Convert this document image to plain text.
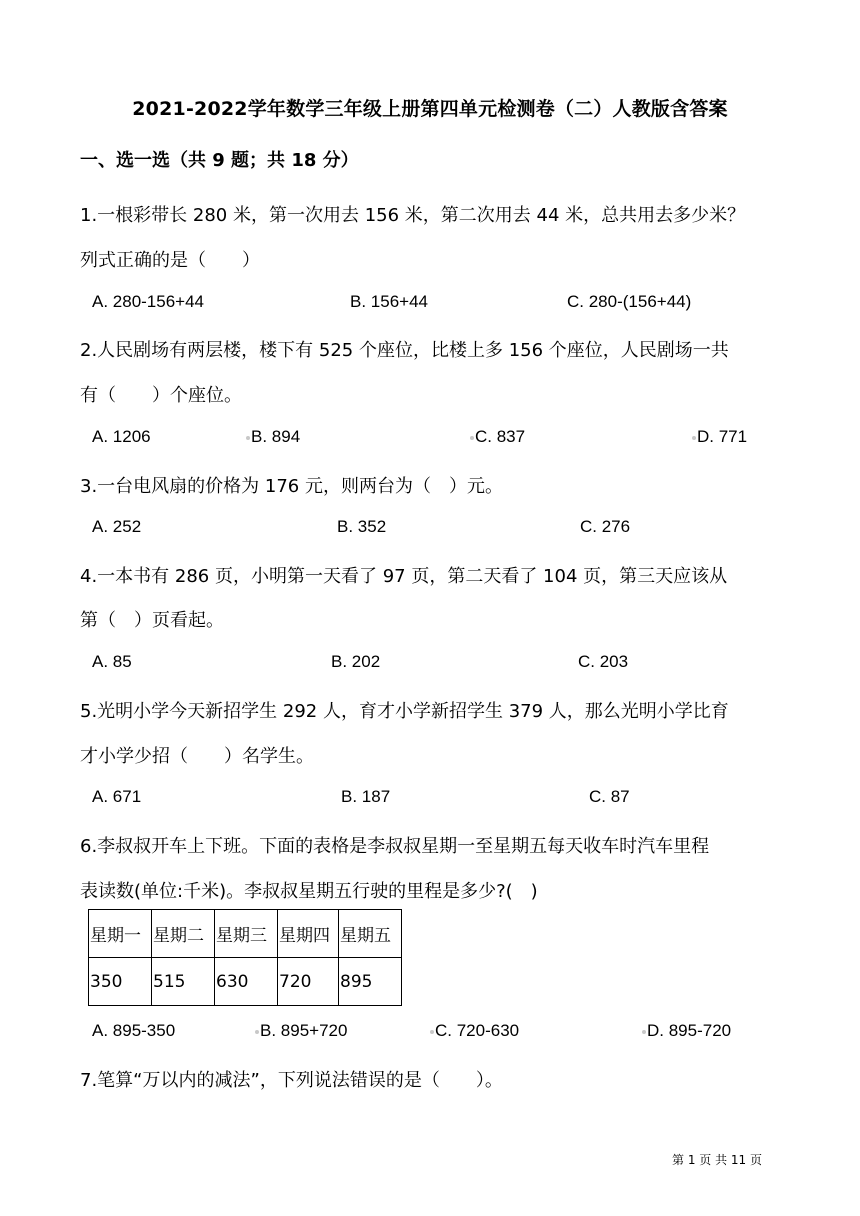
2021-2022学年数学三年级上册第四单元检测卷（二）人教版含答案
一、选一选（共 9 题；共 18 分）
1.一根彩带长 280 米，第一次用去 156 米，第二次用去 44 米，总共用去多少米？
列式正确的是（　　）
A. 280-156+44	B. 156+44	C. 280-(156+44)
2.人民剧场有两层楼，楼下有 525 个座位，比楼上多 156 个座位，人民剧场一共
有（　　）个座位。
A. 1206	B. 894	C. 837	D. 771
3.一台电风扇的价格为 176 元，则两台为（　）元。
A. 252	B. 352	C. 276
4.一本书有 286 页，小明第一天看了 97 页，第二天看了 104 页，第三天应该从
第（　）页看起。
A. 85	B. 202	C. 203
5.光明小学今天新招学生 292 人，育才小学新招学生 379 人，那么光明小学比育
才小学少招（　　）名学生。
A. 671	B. 187	C. 87
6.李叔叔开车上下班。下面的表格是李叔叔星期一至星期五每天收车时汽车里程
表读数(单位:千米)。李叔叔星期五行驶的里程是多少?(　)
星期一	星期二	星期三	星期四	星期五
350	515	630	720	895
A. 895-350	B. 895+720	C. 720-630	D. 895-720
7.笔算“万以内的减法”，下列说法错误的是（　　）。
第 1 页 共 11 页
